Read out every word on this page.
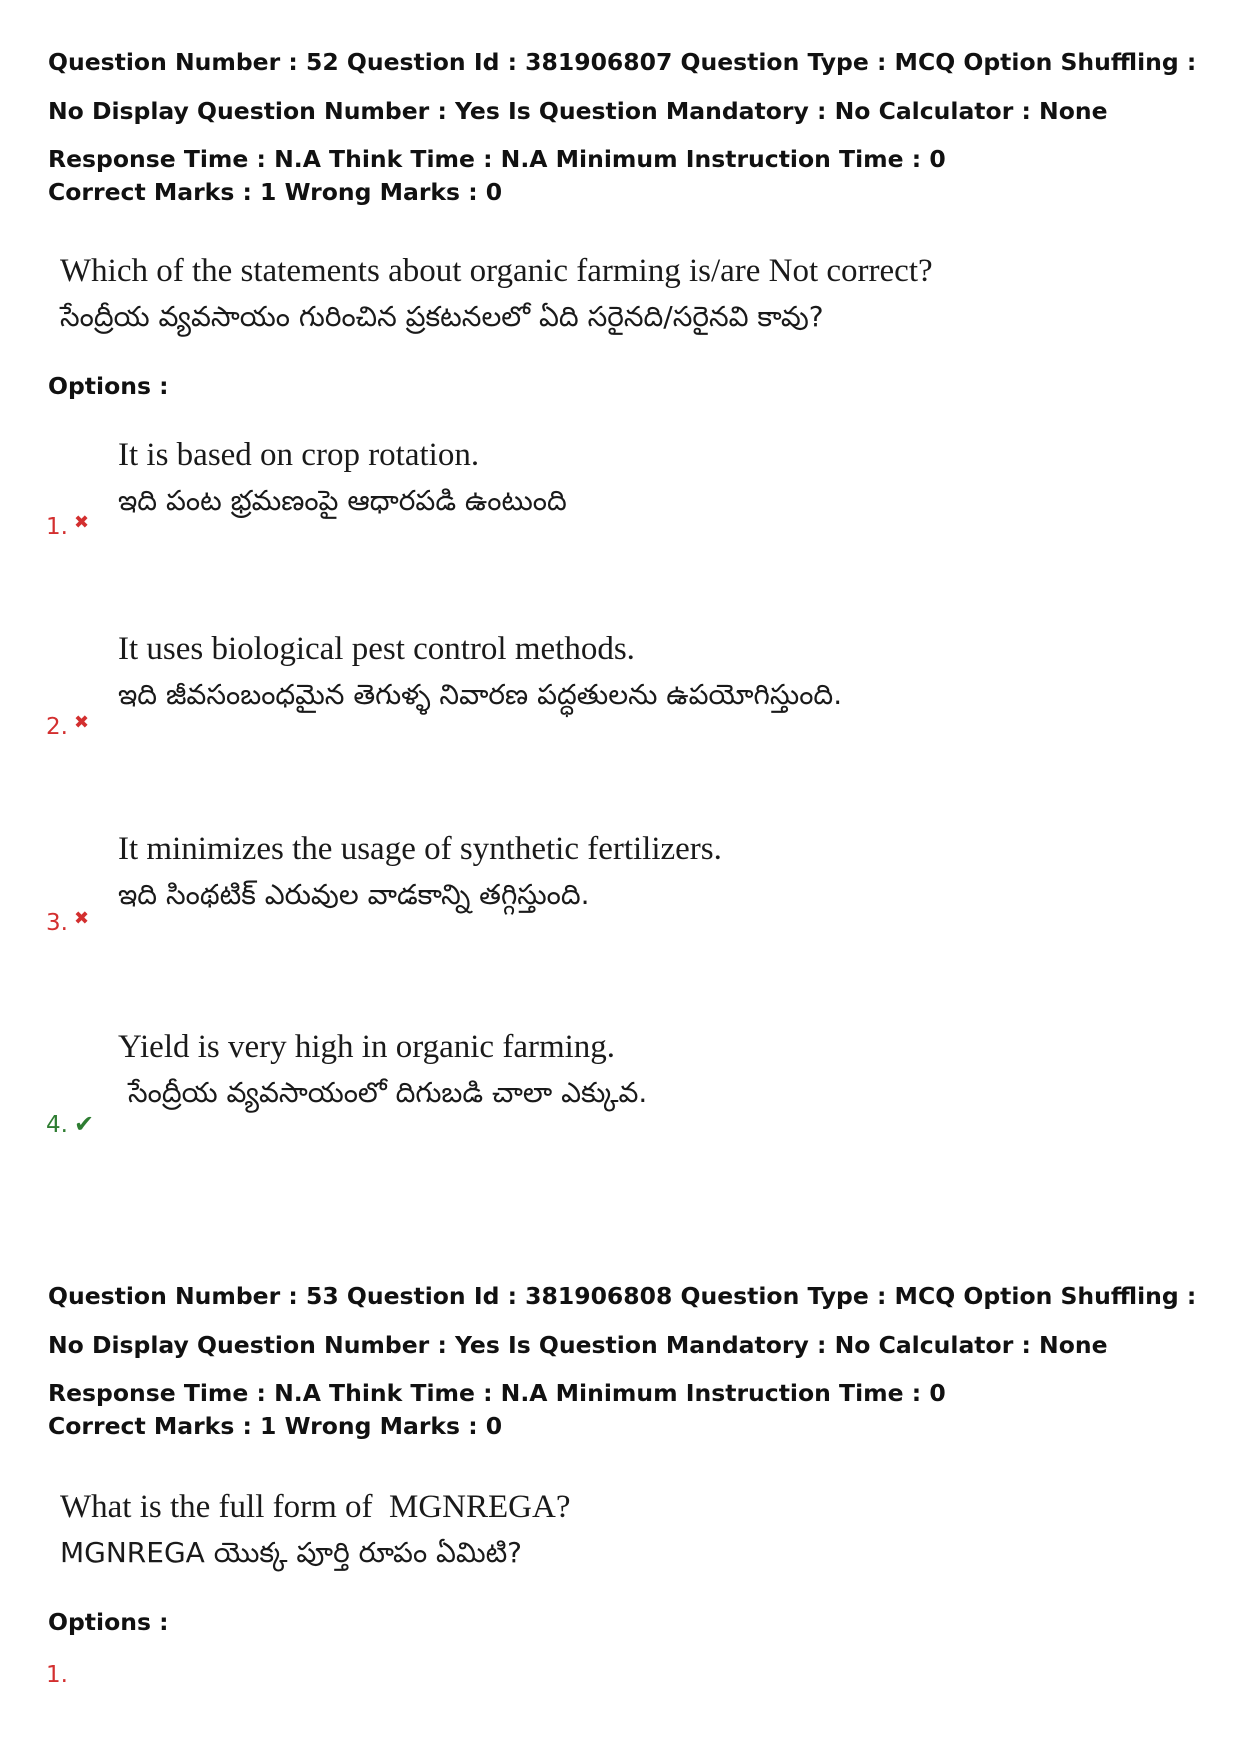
Question Number : 52 Question Id : 381906807 Question Type : MCQ Option Shuffling : No Display Question Number : Yes Is Question Mandatory : No Calculator : None Response Time : N.A Think Time : N.A Minimum Instruction Time : 0
Correct Marks : 1 Wrong Marks : 0
Which of the statements about organic farming is/are Not correct?
సేంద్రీయ వ్యవసాయం గురించిన ప్రకటనలలో ఏది సరైనది/సరైనవి కావు?
Options :
It is based on crop rotation.
ఇది పంట భ్రమణంపై ఆధారపడి ఉంటుంది
1. ✖
It uses biological pest control methods.
ఇది జీవసంబంధమైన తెగుళ్ళ నివారణ పద్ధతులను ఉపయోగిస్తుంది.
2. ✖
It minimizes the usage of synthetic fertilizers.
ఇది సింథటిక్ ఎరువుల వాడకాన్ని తగ్గిస్తుంది.
3. ✖
Yield is very high in organic farming.
సేంద్రీయ వ్యవసాయంలో దిగుబడి చాలా ఎక్కువ.
4. ✔
Question Number : 53 Question Id : 381906808 Question Type : MCQ Option Shuffling : No Display Question Number : Yes Is Question Mandatory : No Calculator : None Response Time : N.A Think Time : N.A Minimum Instruction Time : 0
Correct Marks : 1 Wrong Marks : 0
What is the full form of  MGNREGA?
MGNREGA యొక్క పూర్తి రూపం ఏమిటి?
Options :
1.
